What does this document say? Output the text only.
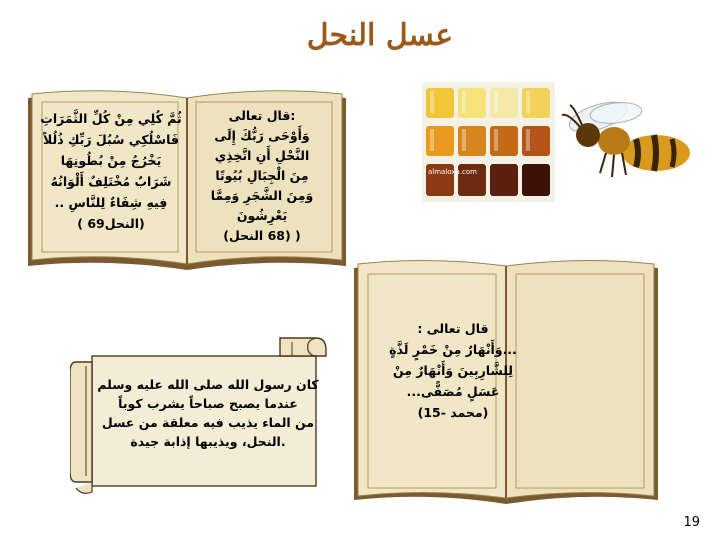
عسل النحل
ثُمَّ كُلِي مِنْ كُلِّ الثَّمَرَاتِ
فَاسْلُكِي سُبُلَ رَبِّكِ ذُلُلاً
يَخْرُجُ مِنْ بُطُونِهَا
شَرَابٌ مُخْتَلِفٌ أَلْوَانُهُ
فِيهِ شِفَاءٌ لِلنَّاسِ ..
(النحل69 )
:قال تعالى
وَأَوْحَى رَبُّكَ إِلَى
النَّحْلِ أَنِ اتَّخِذِي
مِنَ الْجِبَالِ بُيُوتًا
وَمِنَ الشَّجَرِ وَمِمَّا
يَعْرِشُونَ
( (68 النحل)
almaloxa.com
قال تعالى :
...وَأَنْهَارٌ مِنْ خَمْرٍ لَذَّةٍ
لِلشَّارِبِينَ وَأَنْهَارٌ مِنْ
عَسَلٍ مُصَفًّى...
(محمد -15)
كان رسول الله صلى الله عليه وسلم
عندما يصبح صباحاً يشرب كوباً
من الماء يذيب فيه معلقة من عسل
.النحل، ويذيبها إذابة جيدة
19
